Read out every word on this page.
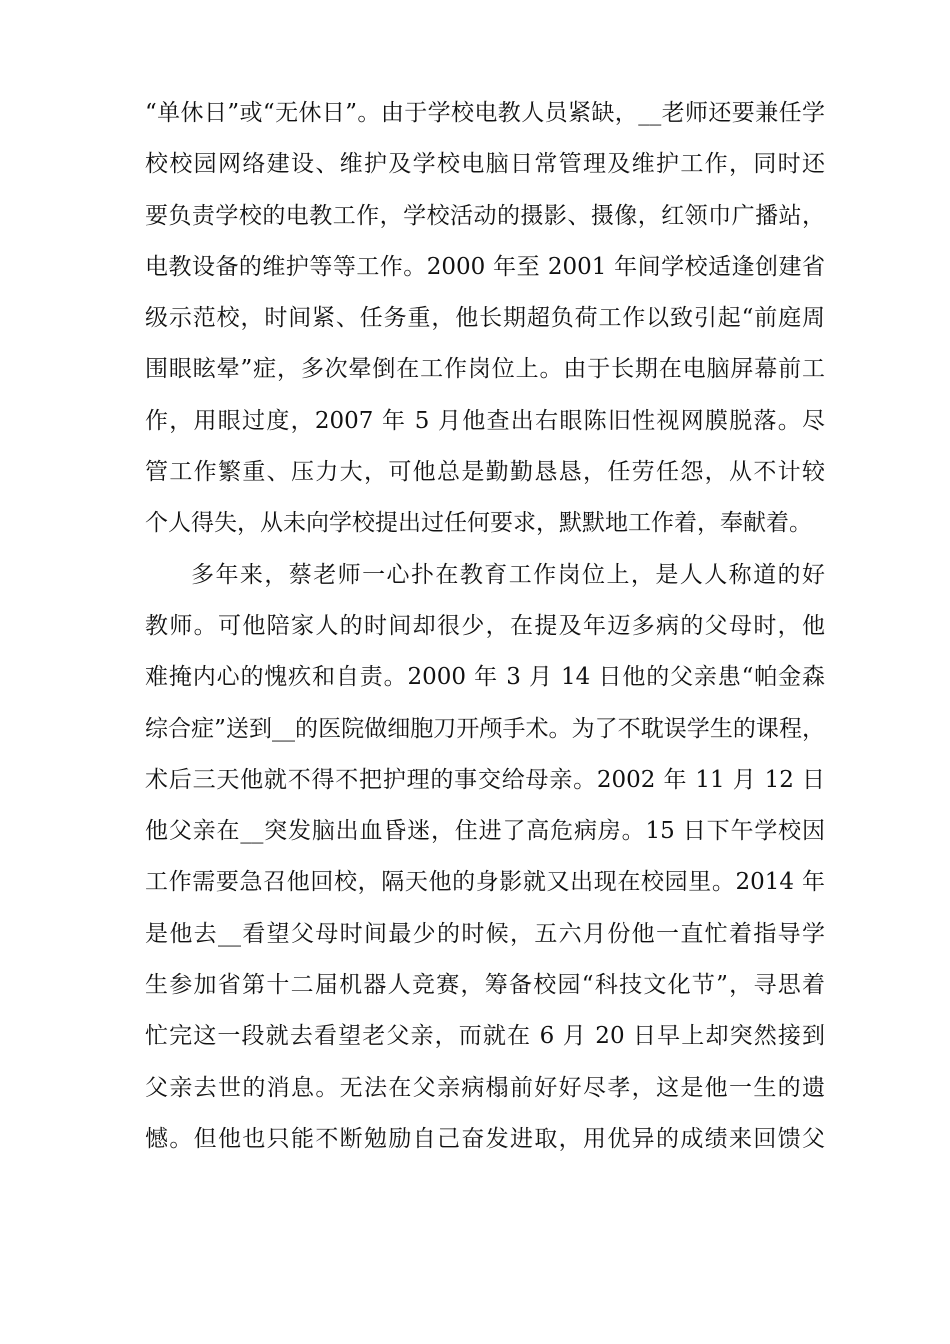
“单休日”或“无休日”。由于学校电教人员紧缺，__老师还要兼任学
校校园网络建设、维护及学校电脑日常管理及维护工作，同时还
要负责学校的电教工作，学校活动的摄影、摄像，红领巾广播站，
电教设备的维护等等工作。2000 年至 2001 年间学校适逢创建省
级示范校，时间紧、任务重，他长期超负荷工作以致引起“前庭周
围眼眩晕”症，多次晕倒在工作岗位上。由于长期在电脑屏幕前工
作，用眼过度，2007 年 5 月他查出右眼陈旧性视网膜脱落。尽
管工作繁重、压力大，可他总是勤勤恳恳，任劳任怨，从不计较
个人得失，从未向学校提出过任何要求，默默地工作着，奉献着。
多年来，蔡老师一心扑在教育工作岗位上，是人人称道的好
教师。可他陪家人的时间却很少，在提及年迈多病的父母时，他
难掩内心的愧疚和自责。2000 年 3 月 14 日他的父亲患“帕金森
综合症”送到__的医院做细胞刀开颅手术。为了不耽误学生的课程，
术后三天他就不得不把护理的事交给母亲。2002 年 11 月 12 日
他父亲在__突发脑出血昏迷，住进了高危病房。15 日下午学校因
工作需要急召他回校，隔天他的身影就又出现在校园里。2014 年
是他去__看望父母时间最少的时候，五六月份他一直忙着指导学
生参加省第十二届机器人竞赛，筹备校园“科技文化节”，寻思着
忙完这一段就去看望老父亲，而就在 6 月 20 日早上却突然接到
父亲去世的消息。无法在父亲病榻前好好尽孝，这是他一生的遗
憾。但他也只能不断勉励自己奋发进取，用优异的成绩来回馈父
